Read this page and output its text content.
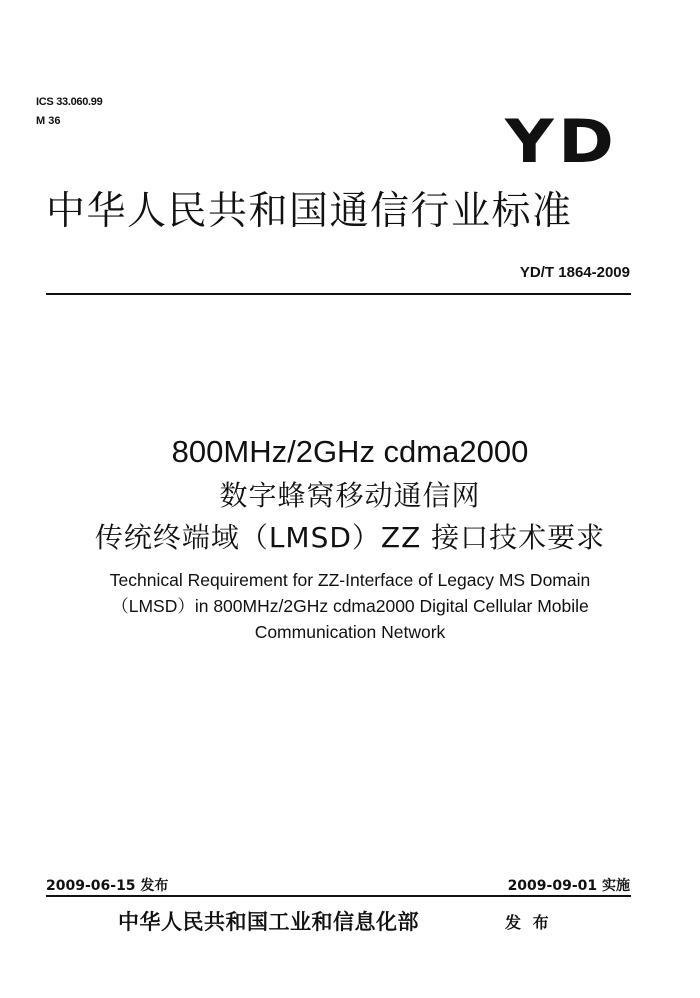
ICS 33.060.99
M 36	YD
中华人民共和国通信行业标准
YD/T 1864-2009
800MHz/2GHz cdma2000
数字蜂窝移动通信网
传统终端域（LMSD）ZZ 接口技术要求
Technical Requirement for ZZ-Interface of Legacy MS Domain
（LMSD）in 800MHz/2GHz cdma2000 Digital Cellular Mobile
Communication Network
2009-06-15 发布	2009-09-01 实施
中华人民共和国工业和信息化部	发 布
